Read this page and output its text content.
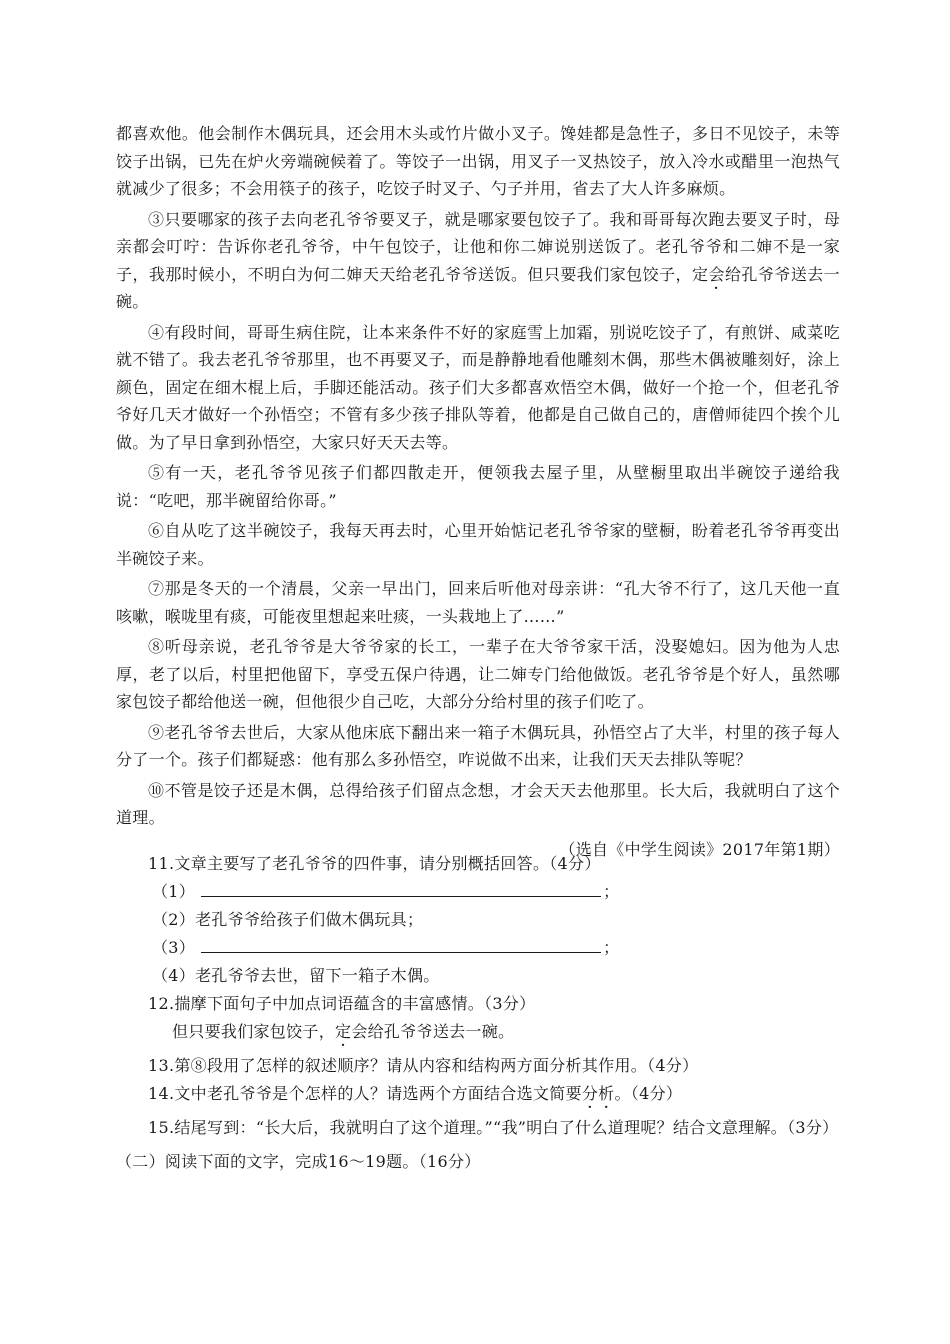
都喜欢他。他会制作木偶玩具，还会用木头或竹片做小叉子。馋娃都是急性子，多日不见饺子，未等饺子出锅，已先在炉火旁端碗候着了。等饺子一出锅，用叉子一叉热饺子，放入冷水或醋里一泡热气就减少了很多；不会用筷子的孩子，吃饺子时叉子、勺子并用，省去了大人许多麻烦。

③只要哪家的孩子去向老孔爷爷要叉子，就是哪家要包饺子了。我和哥哥每次跑去要叉子时，母亲都会叮咛：告诉你老孔爷爷，中午包饺子，让他和你二婶说别送饭了。老孔爷爷和二婶不是一家子，我那时候小，不明白为何二婶天天给老孔爷爷送饭。但只要我们家包饺子，定会给孔爷爷送去一碗。

④有段时间，哥哥生病住院，让本来条件不好的家庭雪上加霜，别说吃饺子了，有煎饼、咸菜吃就不错了。我去老孔爷爷那里，也不再要叉子，而是静静地看他雕刻木偶，那些木偶被雕刻好，涂上颜色，固定在细木棍上后，手脚还能活动。孩子们大多都喜欢悟空木偶，做好一个抢一个，但老孔爷爷好几天才做好一个孙悟空；不管有多少孩子排队等着，他都是自己做自己的，唐僧师徒四个挨个儿做。为了早日拿到孙悟空，大家只好天天去等。

⑤有一天，老孔爷爷见孩子们都四散走开，便领我去屋子里，从壁橱里取出半碗饺子递给我说：“吃吧，那半碗留给你哥。”

⑥自从吃了这半碗饺子，我每天再去时，心里开始惦记老孔爷爷家的壁橱，盼着老孔爷爷再变出半碗饺子来。

⑦那是冬天的一个清晨，父亲一早出门，回来后听他对母亲讲：“孔大爷不行了，这几天他一直咳嗽，喉咙里有痰，可能夜里想起来吐痰，一头栽地上了……”

⑧听母亲说，老孔爷爷是大爷爷家的长工，一辈子在大爷爷家干活，没娶媳妇。因为他为人忠厚，老了以后，村里把他留下，享受五保户待遇，让二婶专门给他做饭。老孔爷爷是个好人，虽然哪家包饺子都给他送一碗，但他很少自己吃，大部分分给村里的孩子们吃了。

⑨老孔爷爷去世后，大家从他床底下翻出来一箱子木偶玩具，孙悟空占了大半，村里的孩子每人分了一个。孩子们都疑惑：他有那么多孙悟空，咋说做不出来，让我们天天去排队等呢？

⑩不管是饺子还是木偶，总得给孩子们留点念想，才会天天去他那里。长大后，我就明白了这个道理。

（选自《中学生阅读》2017年第1期）

11.文章主要写了老孔爷爷的四件事，请分别概括回答。（4分）

（1）	；

（2）老孔爷爷给孩子们做木偶玩具；

（3）	；

（4）老孔爷爷去世，留下一箱子木偶。

12.揣摩下面句子中加点词语蕴含的丰富感情。（3分）

但只要我们家包饺子，定会给孔爷爷送去一碗。

13.第⑧段用了怎样的叙述顺序？请从内容和结构两方面分析其作用。（4分）

14.文中老孔爷爷是个怎样的人？请选两个方面结合选文简要分析。（4分）

15.结尾写到：“长大后，我就明白了这个道理。”“我”明白了什么道理呢？结合文意理解。（3分）

（二）阅读下面的文字，完成16～19题。（16分）
